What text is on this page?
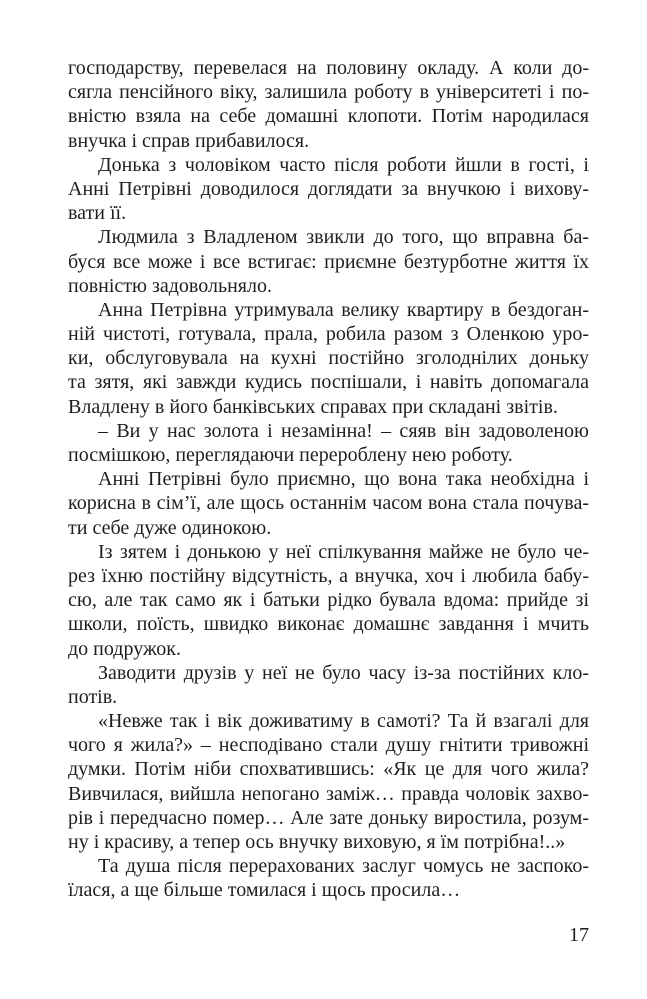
господарству, перевелася на половину окладу. А коли до-
сягла пенсійного віку, залишила роботу в університеті і по-
вністю взяла на себе домашні клопоти. Потім народилася
внучка і справ прибавилося.
Донька з чоловіком часто після роботи йшли в гості, і
Анні Петрівні доводилося доглядати за внучкою і вихову-
вати її.
Людмила з Владленом звикли до того, що вправна ба-
буся все може і все встигає: приємне безтурботне життя їх
повністю задовольняло.
Анна Петрівна утримувала велику квартиру в бездоган-
ній чистоті, готувала, прала, робила разом з Оленкою уро-
ки, обслуговувала на кухні постійно зголоднілих доньку
та зятя, які завжди кудись поспішали, і навіть допомагала
Владлену в його банківських справах при складані звітів.
– Ви у нас золота і незамінна! – сяяв він задоволеною
посмішкою, переглядаючи перероблену нею роботу.
Анні Петрівні було приємно, що вона така необхідна і
корисна в сім’ї, але щось останнім часом вона стала почува-
ти себе дуже одинокою.
Із зятем і донькою у неї спілкування майже не було че-
рез їхню постійну відсутність, а внучка, хоч і любила бабу-
сю, але так само як і батьки рідко бувала вдома: прийде зі
школи, поїсть, швидко виконає домашнє завдання і мчить
до подружок.
Заводити друзів у неї не було часу із-за постійних кло-
потів.
«Невже так і вік доживатиму в самоті? Та й взагалі для
чого я жила?» – несподівано стали душу гнітити тривожні
думки. Потім ніби спохватившись: «Як це для чого жила?
Вивчилася, вийшла непогано заміж… правда чоловік захво-
рів і передчасно помер… Але зате доньку виростила, розум-
ну і красиву, а тепер ось внучку виховую, я їм потрібна!..»
Та душа після перерахованих заслуг чомусь не заспоко-
їлася, а ще більше томилася і щось просила…
17
